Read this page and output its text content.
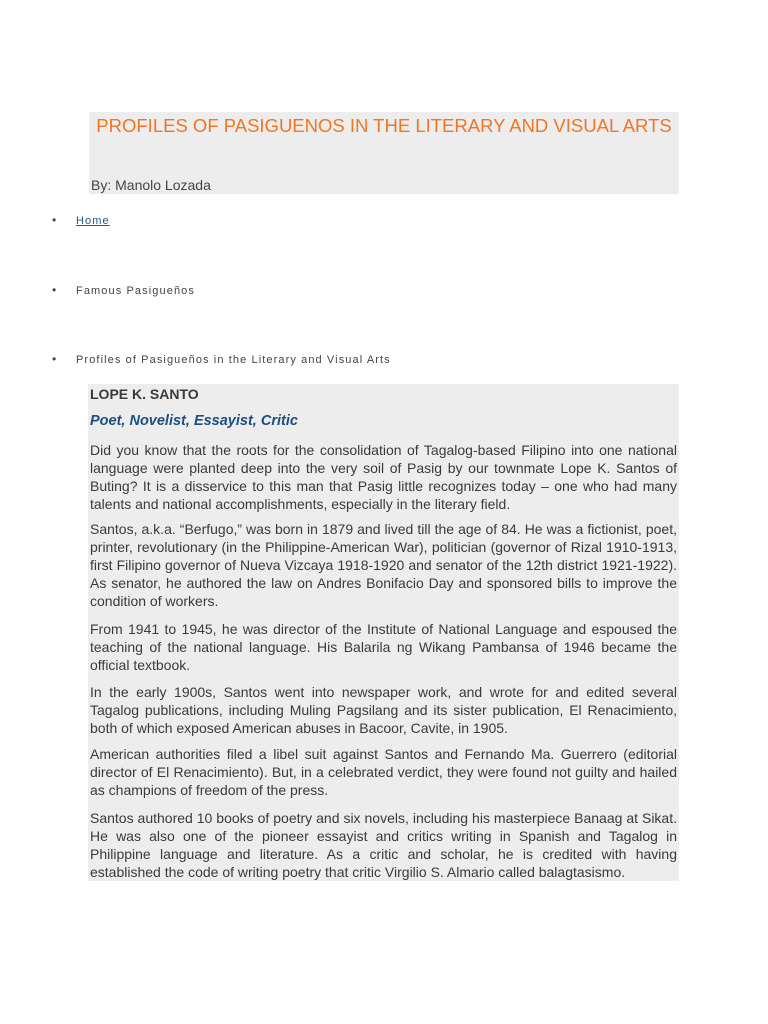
PROFILES OF PASIGUENOS IN THE LITERARY AND VISUAL ARTS
By: Manolo Lozada
• Home
• Famous Pasigueños
• Profiles of Pasigueños in the Literary and Visual Arts
LOPE K. SANTO
Poet, Novelist, Essayist, Critic

Did you know that the roots for the consolidation of Tagalog-based Filipino into one national language were planted deep into the very soil of Pasig by our townmate Lope K. Santos of Buting? It is a disservice to this man that Pasig little recognizes today – one who had many talents and national accomplishments, especially in the literary field.

Santos, a.k.a. “Berfugo,” was born in 1879 and lived till the age of 84. He was a fictionist, poet, printer, revolutionary (in the Philippine-American War), politician (governor of Rizal 1910-1913, first Filipino governor of Nueva Vizcaya 1918-1920 and senator of the 12th district 1921-1922). As senator, he authored the law on Andres Bonifacio Day and sponsored bills to improve the condition of workers.

From 1941 to 1945, he was director of the Institute of National Language and espoused the teaching of the national language. His Balarila ng Wikang Pambansa of 1946 became the official textbook.

In the early 1900s, Santos went into newspaper work, and wrote for and edited several Tagalog publications, including Muling Pagsilang and its sister publication, El Renacimiento, both of which exposed American abuses in Bacoor, Cavite, in 1905.

American authorities filed a libel suit against Santos and Fernando Ma. Guerrero (editorial director of El Renacimiento). But, in a celebrated verdict, they were found not guilty and hailed as champions of freedom of the press.

Santos authored 10 books of poetry and six novels, including his masterpiece Banaag at Sikat. He was also one of the pioneer essayist and critics writing in Spanish and Tagalog in Philippine language and literature. As a critic and scholar, he is credited with having established the code of writing poetry that critic Virgilio S. Almario called balagtasismo.
